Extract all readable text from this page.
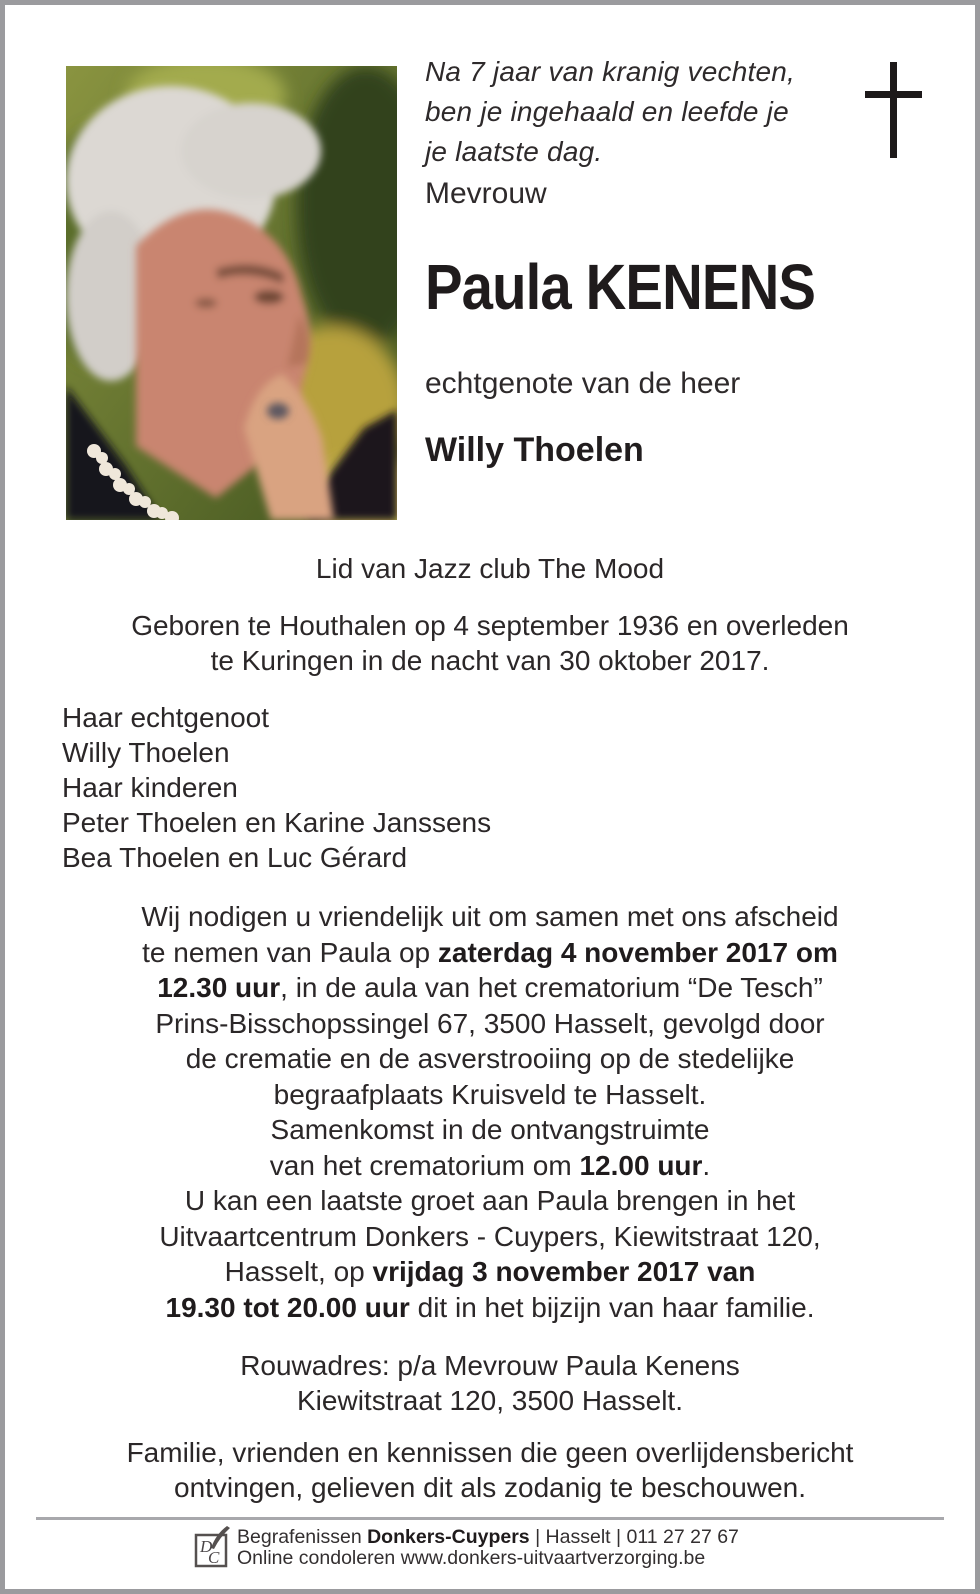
Na 7 jaar van kranig vechten,
ben je ingehaald en leefde je
je laatste dag.
Mevrouw
Paula KENENS
echtgenote van de heer
Willy Thoelen
Lid van Jazz club The Mood
Geboren te Houthalen op 4 september 1936 en overleden
te Kuringen in de nacht van 30 oktober 2017.
Haar echtgenoot
Willy Thoelen
Haar kinderen
Peter Thoelen en Karine Janssens
Bea Thoelen en Luc Gérard
Wij nodigen u vriendelijk uit om samen met ons afscheid
te nemen van Paula op zaterdag 4 november 2017 om
12.30 uur, in de aula van het crematorium “De Tesch”
Prins-Bisschopssingel 67, 3500 Hasselt, gevolgd door
de crematie en de asverstrooiing op de stedelijke
begraafplaats Kruisveld te Hasselt.
Samenkomst in de ontvangstruimte
van het crematorium om 12.00 uur.
U kan een laatste groet aan Paula brengen in het
Uitvaartcentrum Donkers - Cuypers, Kiewitstraat 120,
Hasselt, op vrijdag 3 november 2017 van
19.30 tot 20.00 uur dit in het bijzijn van haar familie.
Rouwadres: p/a Mevrouw Paula Kenens
Kiewitstraat 120, 3500 Hasselt.
Familie, vrienden en kennissen die geen overlijdensbericht
ontvingen, gelieven dit als zodanig te beschouwen.
D
C
Begrafenissen Donkers-Cuypers | Hasselt | 011 27 27 67
Online condoleren www.donkers-uitvaartverzorging.be
